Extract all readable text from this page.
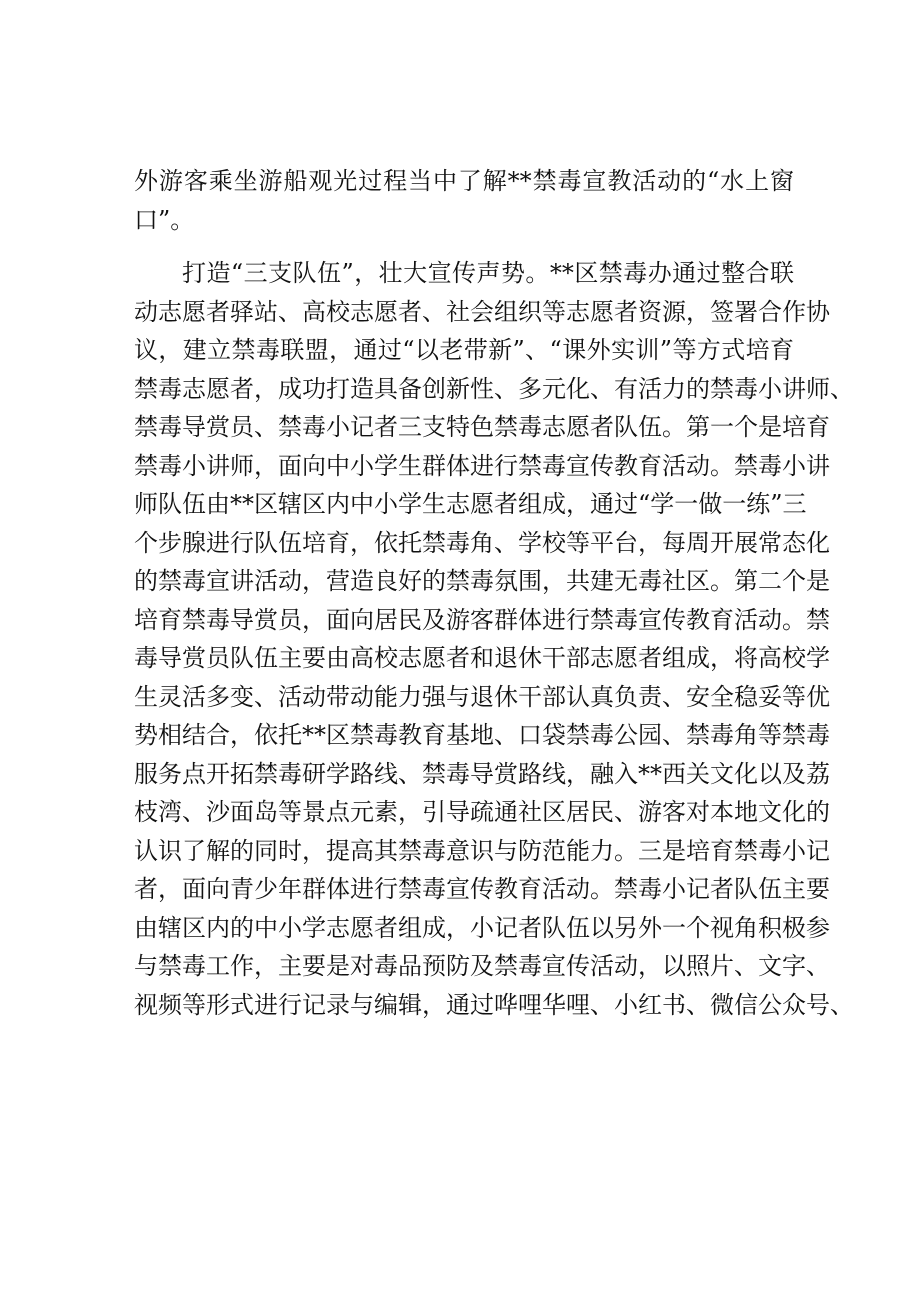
外游客乘坐游船观光过程当中了解**禁毒宣教活动的“水上窗
口”。
打造“三支队伍”，壮大宣传声势。**区禁毒办通过整合联
动志愿者驿站、高校志愿者、社会组织等志愿者资源，签署合作协
议，建立禁毒联盟，通过“以老带新”、“课外实训”等方式培育
禁毒志愿者，成功打造具备创新性、多元化、有活力的禁毒小讲师、
禁毒导赏员、禁毒小记者三支特色禁毒志愿者队伍。第一个是培育
禁毒小讲师，面向中小学生群体进行禁毒宣传教育活动。禁毒小讲
师队伍由**区辖区内中小学生志愿者组成，通过“学一做一练”三
个步腺进行队伍培育，依托禁毒角、学校等平台，每周开展常态化
的禁毒宣讲活动，营造良好的禁毒氛围，共建无毒社区。第二个是
培育禁毒导赏员，面向居民及游客群体进行禁毒宣传教育活动。禁
毒导赏员队伍主要由高校志愿者和退休干部志愿者组成，将高校学
生灵活多变、活动带动能力强与退休干部认真负责、安全稳妥等优
势相结合，依托**区禁毒教育基地、口袋禁毒公园、禁毒角等禁毒
服务点开拓禁毒研学路线、禁毒导赏路线，融入**西关文化以及荔
枝湾、沙面岛等景点元素，引导疏通社区居民、游客对本地文化的
认识了解的同时，提高其禁毒意识与防范能力。三是培育禁毒小记
者，面向青少年群体进行禁毒宣传教育活动。禁毒小记者队伍主要
由辖区内的中小学志愿者组成，小记者队伍以另外一个视角积极参
与禁毒工作，主要是对毒品预防及禁毒宣传活动，以照片、文字、
视频等形式进行记录与编辑，通过哗哩华哩、小红书、微信公众号、
